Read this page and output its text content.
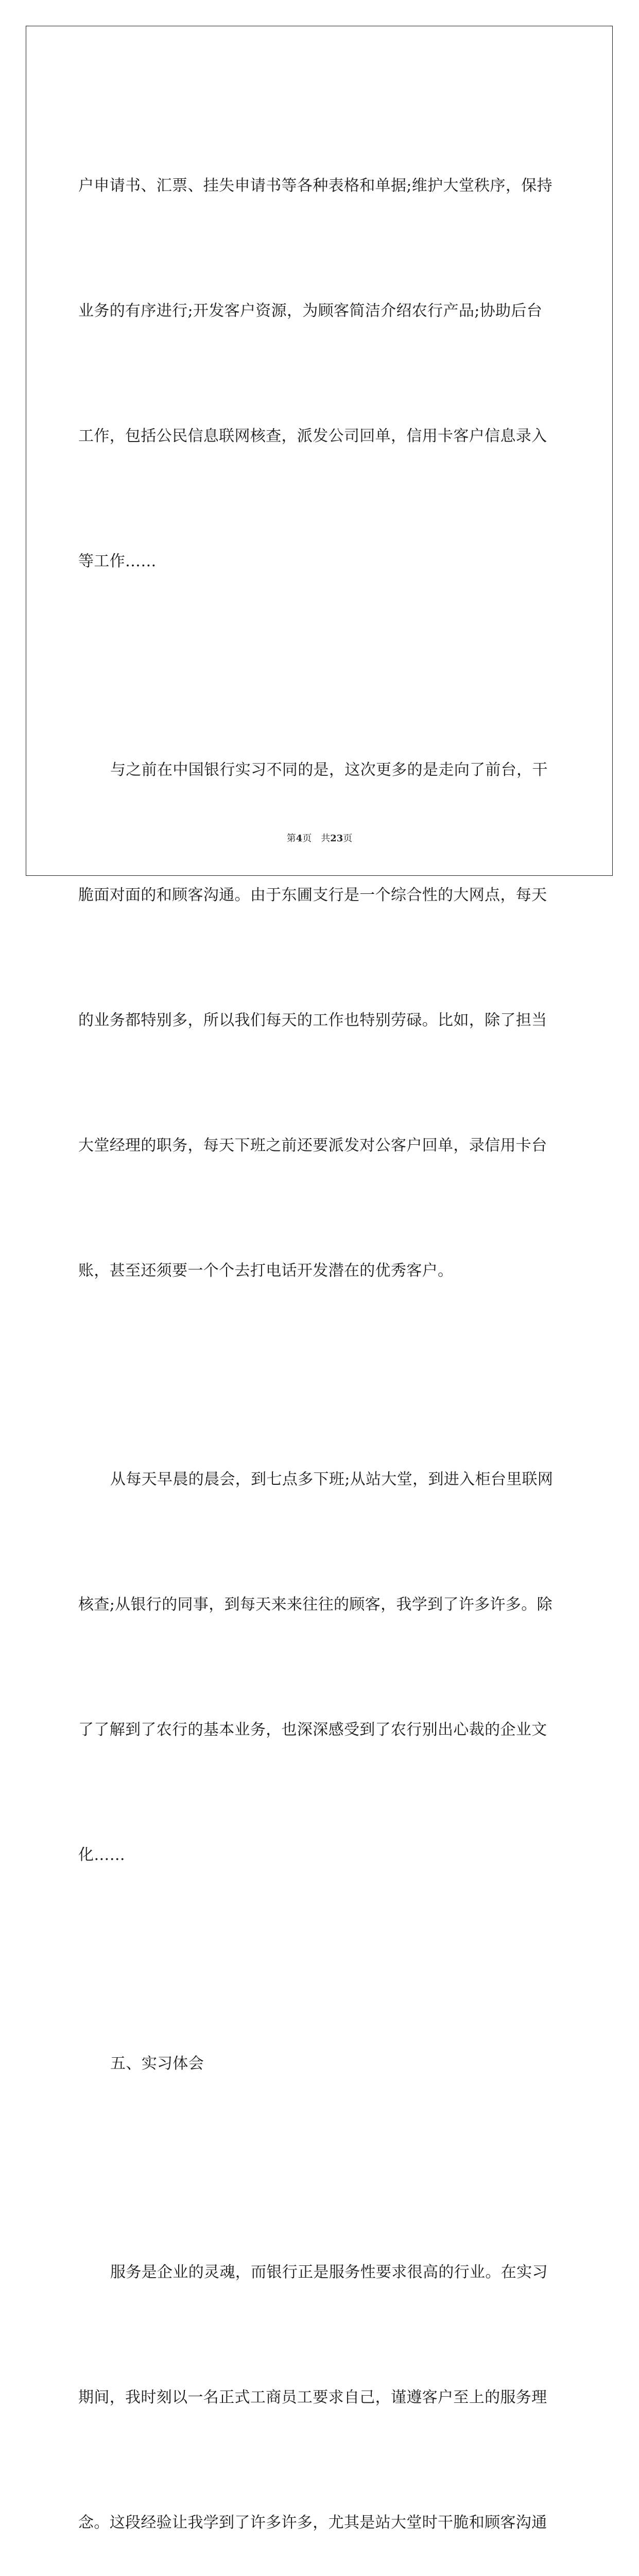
户申请书、汇票、挂失申请书等各种表格和单据;维护大堂秩序，保持

业务的有序进行;开发客户资源，为顾客简洁介绍农行产品;协助后台

工作，包括公民信息联网核查，派发公司回单，信用卡客户信息录入

等工作……

与之前在中国银行实习不同的是，这次更多的是走向了前台，干

脆面对面的和顾客沟通。由于东圃支行是一个综合性的大网点，每天

的业务都特别多，所以我们每天的工作也特别劳碌。比如，除了担当

大堂经理的职务，每天下班之前还要派发对公客户回单，录信用卡台

账，甚至还须要一个个去打电话开发潜在的优秀客户。

从每天早晨的晨会，到七点多下班;从站大堂，到进入柜台里联网

核查;从银行的同事，到每天来来往往的顾客，我学到了许多许多。除

了了解到了农行的基本业务，也深深感受到了农行别出心裁的企业文

化……

五、实习体会

服务是企业的灵魂，而银行正是服务性要求很高的行业。在实习

期间，我时刻以一名正式工商员工要求自己，谨遵客户至上的服务理

念。这段经验让我学到了许多许多，尤其是站大堂时干脆和顾客沟通

第4页　共23页
